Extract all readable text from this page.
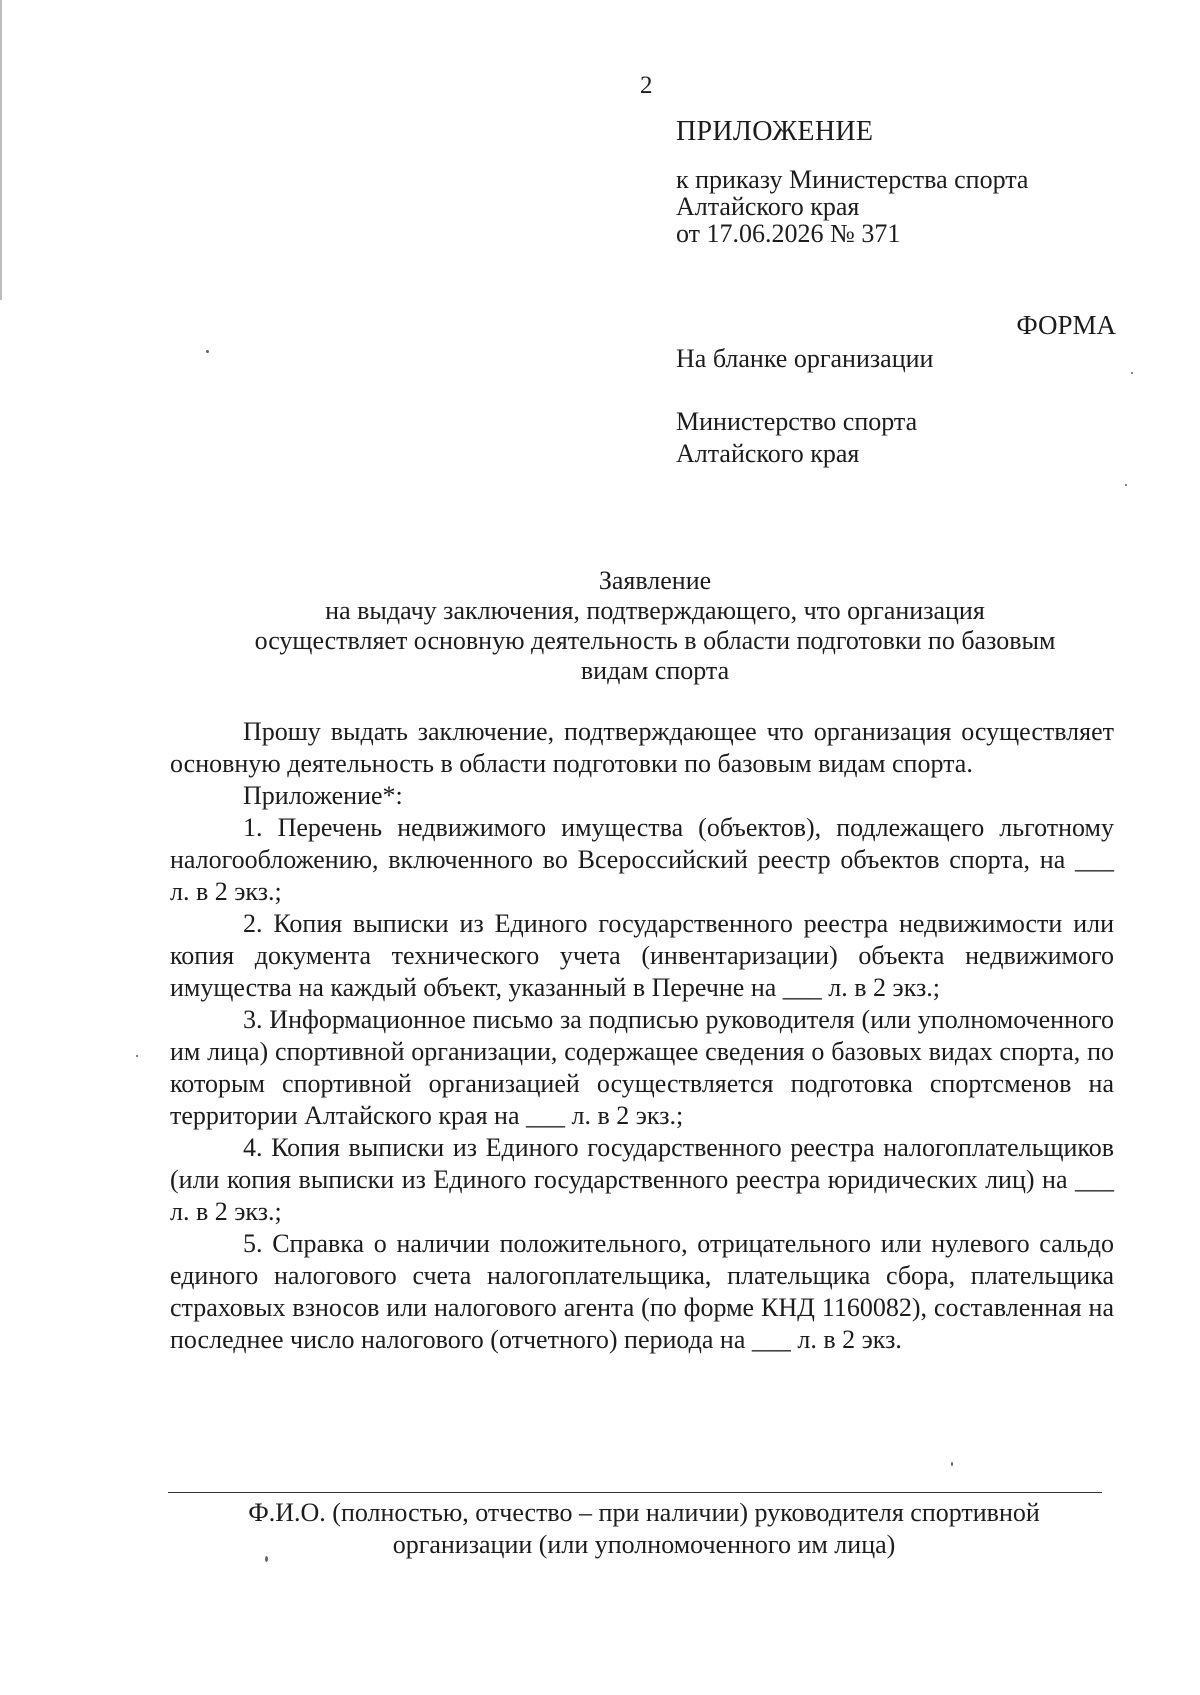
2
ПРИЛОЖЕНИЕ
к приказу Министерства спорта
Алтайского края
от 17.06.2026 № 371
ФОРМА
На бланке организации
Министерство спорта
Алтайского края
Заявление
на выдачу заключения, подтверждающего, что организация
осуществляет основную деятельность в области подготовки по базовым
видам спорта

Прошу выдать заключение, подтверждающее что организация осуществляет основную деятельность в области подготовки по базовым видам спорта.

Приложение*:

1. Перечень недвижимого имущества (объектов), подлежащего льготному налогообложению, включенного во Всероссийский реестр объектов спорта, на ___ л. в 2 экз.;

2. Копия выписки из Единого государственного реестра недвижимости или копия документа технического учета (инвентаризации) объекта недвижимого имущества на каждый объект, указанный в Перечне на ___ л. в 2 экз.;

3. Информационное письмо за подписью руководителя (или уполномоченного им лица) спортивной организации, содержащее сведения о базовых видах спорта, по которым спортивной организацией осуществляется подготовка спортсменов на территории Алтайского края на ___ л. в 2 экз.;

4. Копия выписки из Единого государственного реестра налогоплательщиков (или копия выписки из Единого государственного реестра юридических лиц) на ___ л. в 2 экз.;

5. Справка о наличии положительного, отрицательного или нулевого сальдо единого налогового счета налогоплательщика, плательщика сбора, плательщика страховых взносов или налогового агента (по форме КНД 1160082), составленная на последнее число налогового (отчетного) периода на ___ л. в 2 экз.

Ф.И.О. (полностью, отчество – при наличии) руководителя спортивной
организации (или уполномоченного им лица)
